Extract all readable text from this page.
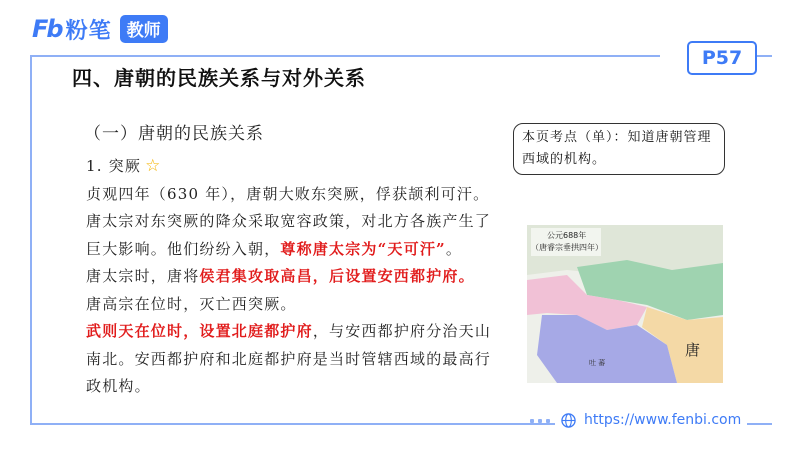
Fb 粉笔 教师
P57
四、唐朝的民族关系与对外关系
（一）唐朝的民族关系

1. 突厥 ☆

贞观四年（630 年），唐朝大败东突厥，俘获颉利可汗。唐太宗对东突厥的降众采取宽容政策，对北方各族产生了巨大影响。他们纷纷入朝，尊称唐太宗为“天可汗”。

唐太宗时，唐将侯君集攻取高昌，后设置安西都护府。

唐高宗在位时，灭亡西突厥。

武则天在位时，设置北庭都护府，与安西都护府分治天山南北。安西都护府和北庭都护府是当时管辖西域的最高行政机构。

本页考点（单）：知道唐朝管理西域的机构。
公元688年
（唐睿宗垂拱四年）
唐
吐 蕃
https://www.fenbi.com
